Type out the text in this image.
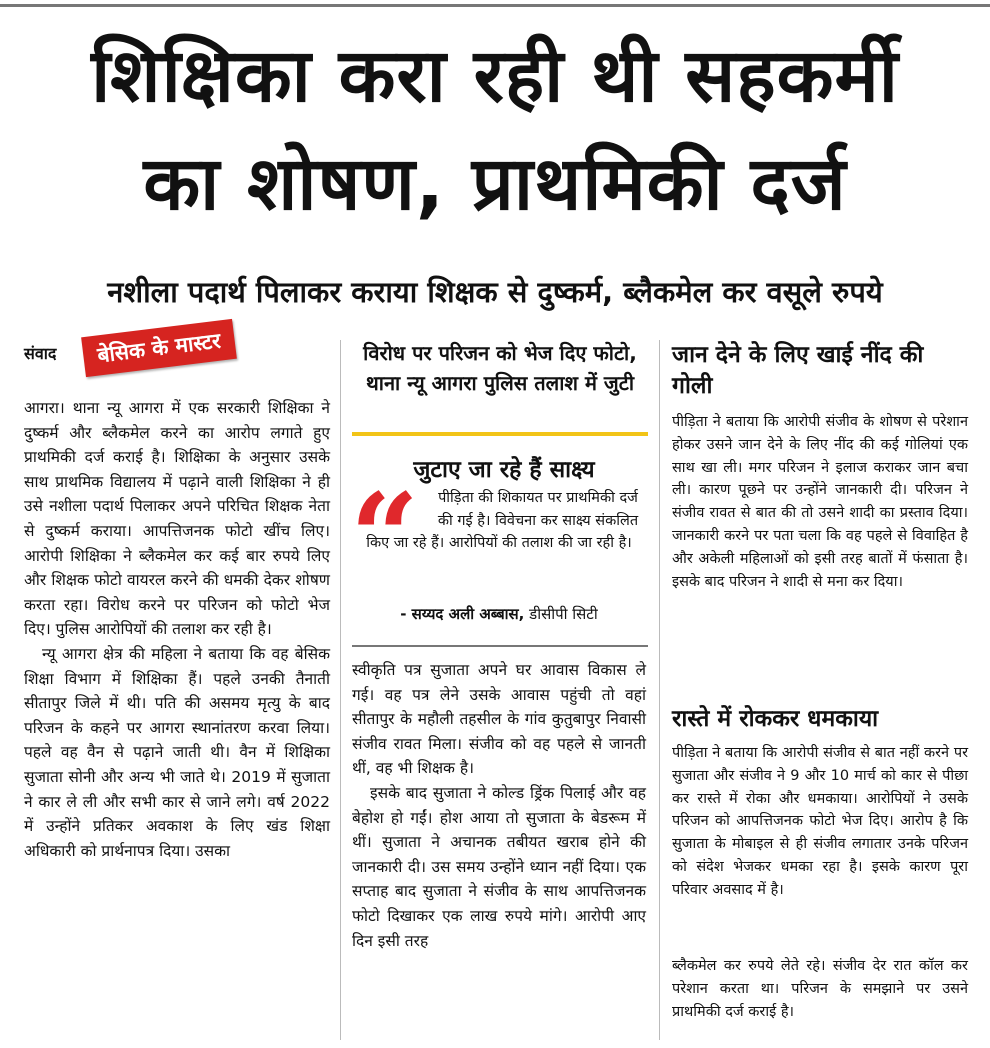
शिक्षिका करा रही थी सहकर्मी
का शोषण, प्राथमिकी दर्ज
नशीला पदार्थ पिलाकर कराया शिक्षक से दुष्कर्म, ब्लैकमेल कर वसूले रुपये
संवाद	बेसिक के मास्टर

आगरा। थाना न्यू आगरा में एक सरकारी शिक्षिका ने दुष्कर्म और ब्लैकमेल करने का आरोप लगाते हुए प्राथमिकी दर्ज कराई है। शिक्षिका के अनुसार उसके साथ प्राथमिक विद्यालय में पढ़ाने वाली शिक्षिका ने ही उसे नशीला पदार्थ पिलाकर अपने परिचित शिक्षक नेता से दुष्कर्म कराया। आपत्तिजनक फोटो खींच लिए। आरोपी शिक्षिका ने ब्लैकमेल कर कई बार रुपये लिए और शिक्षक फोटो वायरल करने की धमकी देकर शोषण करता रहा। विरोध करने पर परिजन को फोटो भेज दिए। पुलिस आरोपियों की तलाश कर रही है।

न्यू आगरा क्षेत्र की महिला ने बताया कि वह बेसिक शिक्षा विभाग में शिक्षिका हैं। पहले उनकी तैनाती सीतापुर जिले में थी। पति की असमय मृत्यु के बाद परिजन के कहने पर आगरा स्थानांतरण करवा लिया। पहले वह वैन से पढ़ाने जाती थी। वैन में शिक्षिका सुजाता सोनी और अन्य भी जाते थे। 2019 में सुजाता ने कार ले ली और सभी कार से जाने लगे। वर्ष 2022 में उन्होंने प्रतिकर अवकाश के लिए खंड शिक्षा अधिकारी को प्रार्थनापत्र दिया। उसका

विरोध पर परिजन को भेज दिए फोटो, थाना न्यू आगरा पुलिस तलाश में जुटी
जुटाए जा रहे हैं साक्ष्य
“	पीड़िता की शिकायत पर प्राथमिकी दर्ज की गई है। विवेचना कर साक्ष्य संकलित
किए जा रहे हैं। आरोपियों की तलाश की जा रही है।
- सय्यद अली अब्बास, डीसीपी सिटी

स्वीकृति पत्र सुजाता अपने घर आवास विकास ले गई। वह पत्र लेने उसके आवास पहुंची तो वहां सीतापुर के महौली तहसील के गांव कुतुबापुर निवासी संजीव रावत मिला। संजीव को वह पहले से जानती थीं, वह भी शिक्षक है।

इसके बाद सुजाता ने कोल्ड ड्रिंक पिलाई और वह बेहोश हो गईं। होश आया तो सुजाता के बेडरूम में थीं। सुजाता ने अचानक तबीयत खराब होने की जानकारी दी। उस समय उन्होंने ध्यान नहीं दिया। एक सप्ताह बाद सुजाता ने संजीव के साथ आपत्तिजनक फोटो दिखाकर एक लाख रुपये मांगे। आरोपी आए दिन इसी तरह

जान देने के लिए खाई नींद की गोली

पीड़िता ने बताया कि आरोपी संजीव के शोषण से परेशान होकर उसने जान देने के लिए नींद की कई गोलियां एक साथ खा ली। मगर परिजन ने इलाज कराकर जान बचा ली। कारण पूछने पर उन्होंने जानकारी दी। परिजन ने संजीव रावत से बात की तो उसने शादी का प्रस्ताव दिया। जानकारी करने पर पता चला कि वह पहले से विवाहित है और अकेली महिलाओं को इसी तरह बातों में फंसाता है। इसके बाद परिजन ने शादी से मना कर दिया।

रास्ते में रोककर धमकाया

पीड़िता ने बताया कि आरोपी संजीव से बात नहीं करने पर सुजाता और संजीव ने 9 और 10 मार्च को कार से पीछा कर रास्ते में रोका और धमकाया। आरोपियों ने उसके परिजन को आपत्तिजनक फोटो भेज दिए। आरोप है कि सुजाता के मोबाइल से ही संजीव लगातार उनके परिजन को संदेश भेजकर धमका रहा है। इसके कारण पूरा परिवार अवसाद में है।

ब्लैकमेल कर रुपये लेते रहे। संजीव देर रात कॉल कर परेशान करता था। परिजन के समझाने पर उसने प्राथमिकी दर्ज कराई है।
